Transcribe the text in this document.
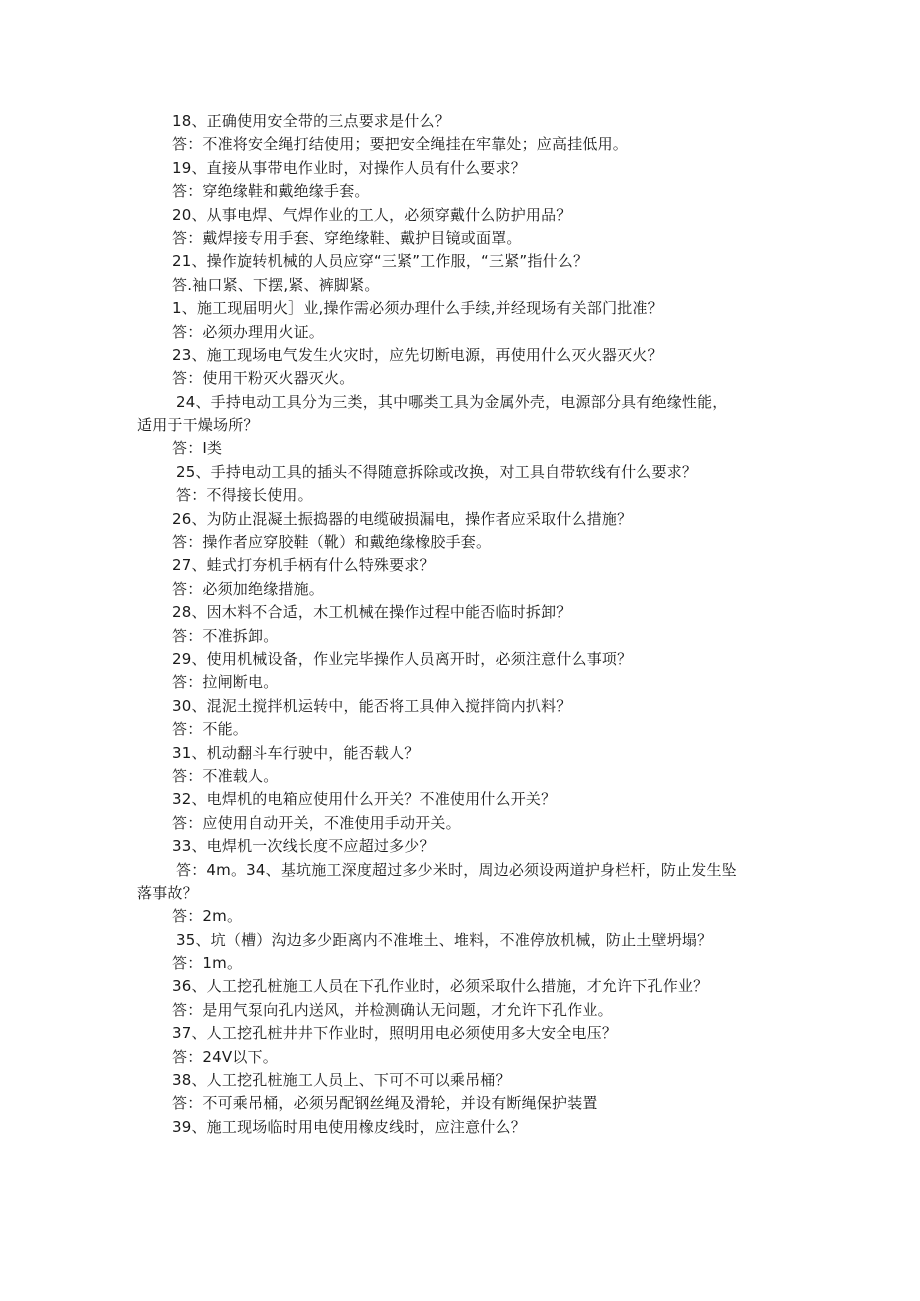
18、正确使用安全带的三点要求是什么？
答：不准将安全绳打结使用；要把安全绳挂在牢靠处；应高挂低用。
19、直接从事带电作业时，对操作人员有什么要求？
答：穿绝缘鞋和戴绝缘手套。
20、从事电焊、气焊作业的工人，必须穿戴什么防护用品？
答：戴焊接专用手套、穿绝缘鞋、戴护目镜或面罩。
21、操作旋转机械的人员应穿“三紧”工作服，“三紧”指什么？
答.袖口紧、下摆,紧、裤脚紧。
1、施工现届明火］业,操作需必须办理什么手续,并经现场有关部门批准？
答：必须办理用火证。
23、施工现场电气发生火灾时，应先切断电源，再使用什么灭火器灭火？
答：使用干粉灭火器灭火。
24、手持电动工具分为三类，其中哪类工具为金属外壳，电源部分具有绝缘性能，
适用于干燥场所？
答：I类
25、手持电动工具的插头不得随意拆除或改换，对工具自带软线有什么要求？
答：不得接长使用。
26、为防止混凝土振捣器的电缆破损漏电，操作者应采取什么措施？
答：操作者应穿胶鞋（靴）和戴绝缘橡胶手套。
27、蛙式打夯机手柄有什么特殊要求？
答：必须加绝缘措施。
28、因木料不合适，木工机械在操作过程中能否临时拆卸？
答：不准拆卸。
29、使用机械设备，作业完毕操作人员离开时，必须注意什么事项？
答：拉闸断电。
30、混泥土搅拌机运转中，能否将工具伸入搅拌筒内扒料？
答：不能。
31、机动翻斗车行驶中，能否载人？
答：不准载人。
32、电焊机的电箱应使用什么开关？不准使用什么开关？
答：应使用自动开关，不准使用手动开关。
33、电焊机一次线长度不应超过多少？
答：4m。34、基坑施工深度超过多少米时，周边必须设两道护身栏杆，防止发生坠
落事故？
答：2m。
35、坑（槽）沟边多少距离内不准堆土、堆料，不准停放机械，防止土壁坍塌？
答：1m。
36、人工挖孔桩施工人员在下孔作业时，必须采取什么措施，才允许下孔作业？
答：是用气泵向孔内送风，并检测确认无问题，才允许下孔作业。
37、人工挖孔桩井井下作业时，照明用电必须使用多大安全电压？
答：24V以下。
38、人工挖孔桩施工人员上、下可不可以乘吊桶？
答：不可乘吊桶，必须另配钢丝绳及滑轮，并设有断绳保护装置
39、施工现场临时用电使用橡皮线时，应注意什么？
